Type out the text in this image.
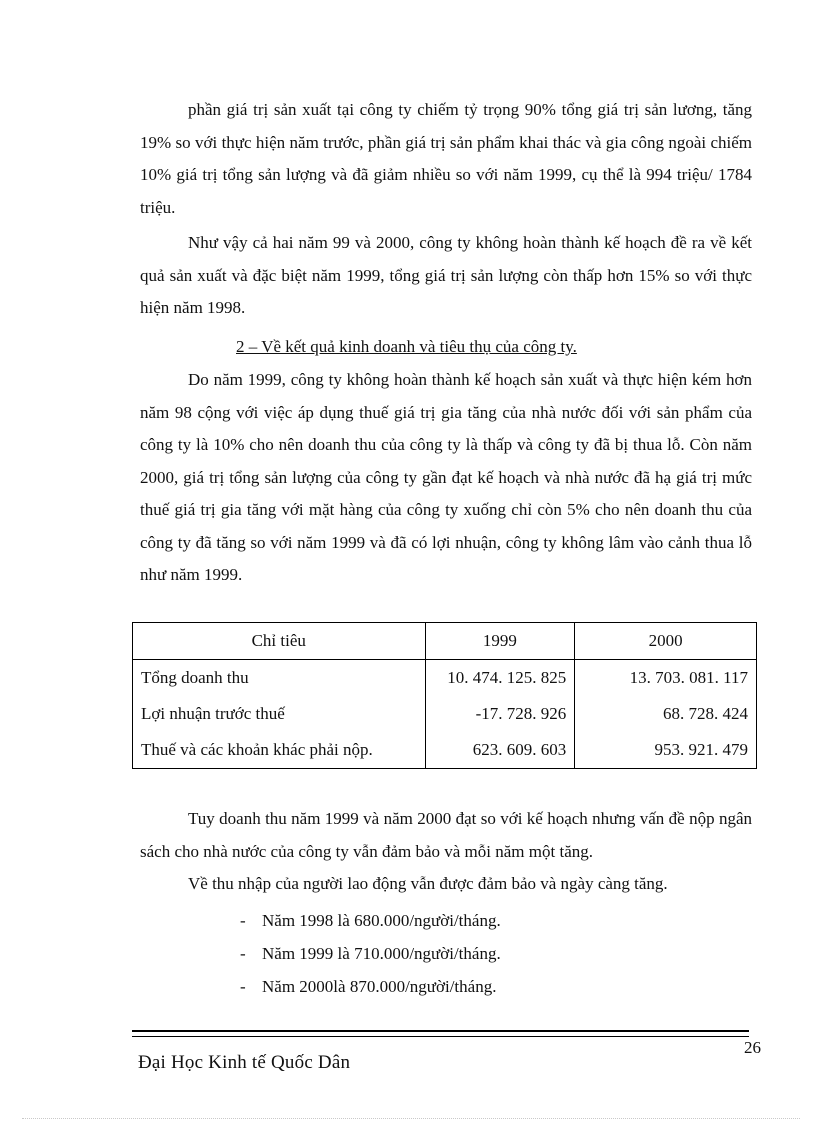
phần giá trị sản xuất tại công ty chiếm tỷ trọng 90% tổng giá trị sản lương, tăng 19% so với thực hiện năm trước, phần giá trị sản phẩm khai thác và gia công ngoài chiếm 10% giá trị tổng sản lượng và đã giảm nhiều so với năm 1999, cụ thể là 994 triệu/ 1784 triệu.

Như vậy cả hai năm 99 và 2000, công ty không hoàn thành kế hoạch đề ra về kết quả sản xuất và đặc biệt năm 1999, tổng giá trị sản lượng còn thấp hơn 15% so với thực hiện năm 1998.

2 – Về kết quả kinh doanh và tiêu thụ của công ty.

Do năm 1999, công ty không hoàn thành kế hoạch sản xuất và thực hiện kém hơn năm 98 cộng với việc áp dụng thuế giá trị gia tăng của nhà nước đối với sản phẩm của công ty là 10% cho nên doanh thu của công ty là thấp và công ty đã bị thua lỗ. Còn năm 2000, giá trị tổng sản lượng của công ty gần đạt kế hoạch và nhà nước đã hạ giá trị mức thuế giá trị gia tăng với mặt hàng của công ty xuống chỉ còn 5% cho nên doanh thu của công ty đã tăng so với năm 1999 và đã có lợi nhuận, công ty không lâm vào cảnh thua lỗ như năm 1999.

Chỉ tiêu	1999	2000
Tổng doanh thu	10. 474. 125. 825	13. 703. 081. 117
Lợi nhuận trước thuế	-17. 728. 926	68. 728. 424
Thuế và các khoản khác phải nộp.	623. 609. 603	953. 921. 479

Tuy doanh thu năm 1999 và năm 2000 đạt so với kế hoạch nhưng vấn đề nộp ngân sách cho nhà nước của công ty vẫn đảm bảo và mỗi năm một tăng.

Về thu nhập của người lao động vẫn được đảm bảo và ngày càng tăng.

- Năm 1998 là 680.000/người/tháng.
- Năm 1999 là 710.000/người/tháng.
- Năm 2000là 870.000/người/tháng.
26
Đại Học Kinh tế Quốc Dân
